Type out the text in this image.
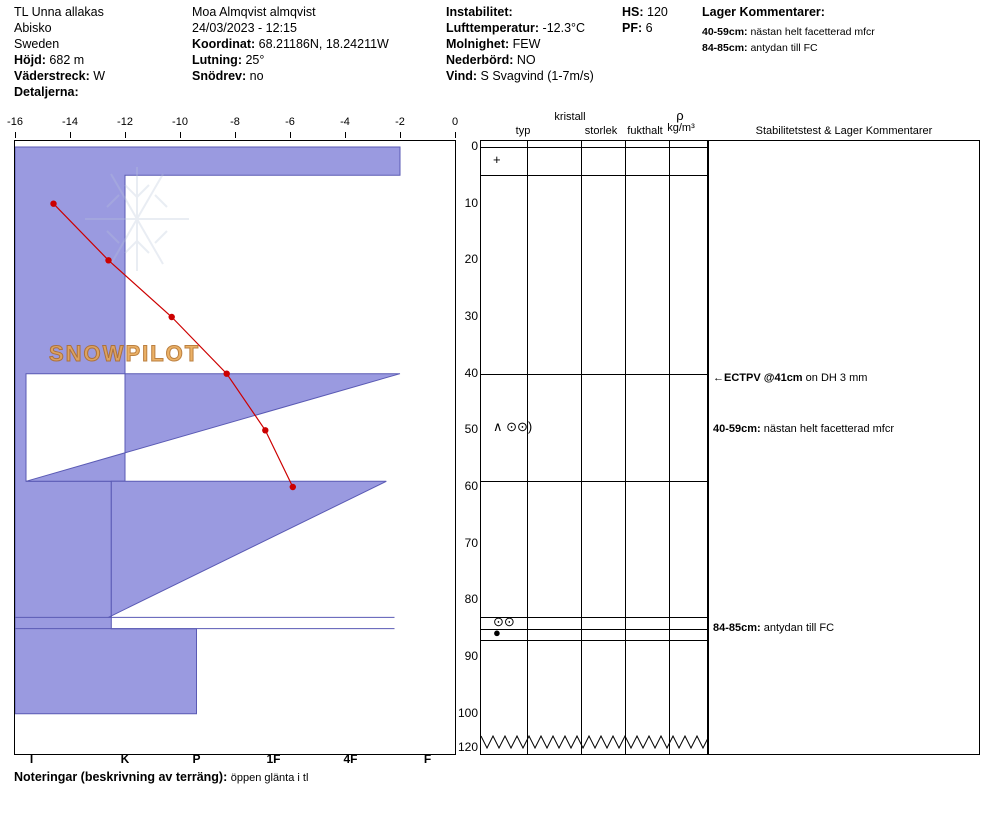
TL Unna allakas
Abisko
Sweden
Höjd: 682 m
Väderstreck: W
Detaljerna:
Moa Almqvist almqvist
24/03/2023 - 12:15
Koordinat: 68.21186N, 18.24211W
Lutning: 25°
Snödrev: no
Instabilitet:
Lufttemperatur: -12.3°C
Molnighet: FEW
Nederbörd: NO
Vind: S Svagvind (1-7m/s)
HS: 120
PF: 6
Lager Kommentarer:
40-59cm: nästan helt facetterad mfcr
84-85cm: antydan till FC
-16	-14	-12	-10	-8	-6	-4	-2	0
SNOWPILOT
0
10
20
30
40
50
60
70
80
90
100
120
+
∧ ⊙⊙)
⊙⊙
●
kristall
typ	storlek fukthalt
ρ
kg/m³	Stabilitetstest & Lager Kommentarer
←ECTPV @41cm on DH 3 mm
40-59cm: nästan helt facetterad mfcr
84-85cm: antydan till FC
I	K	P	1F	4F	F
Noteringar (beskrivning av terräng): öppen glänta i tl
